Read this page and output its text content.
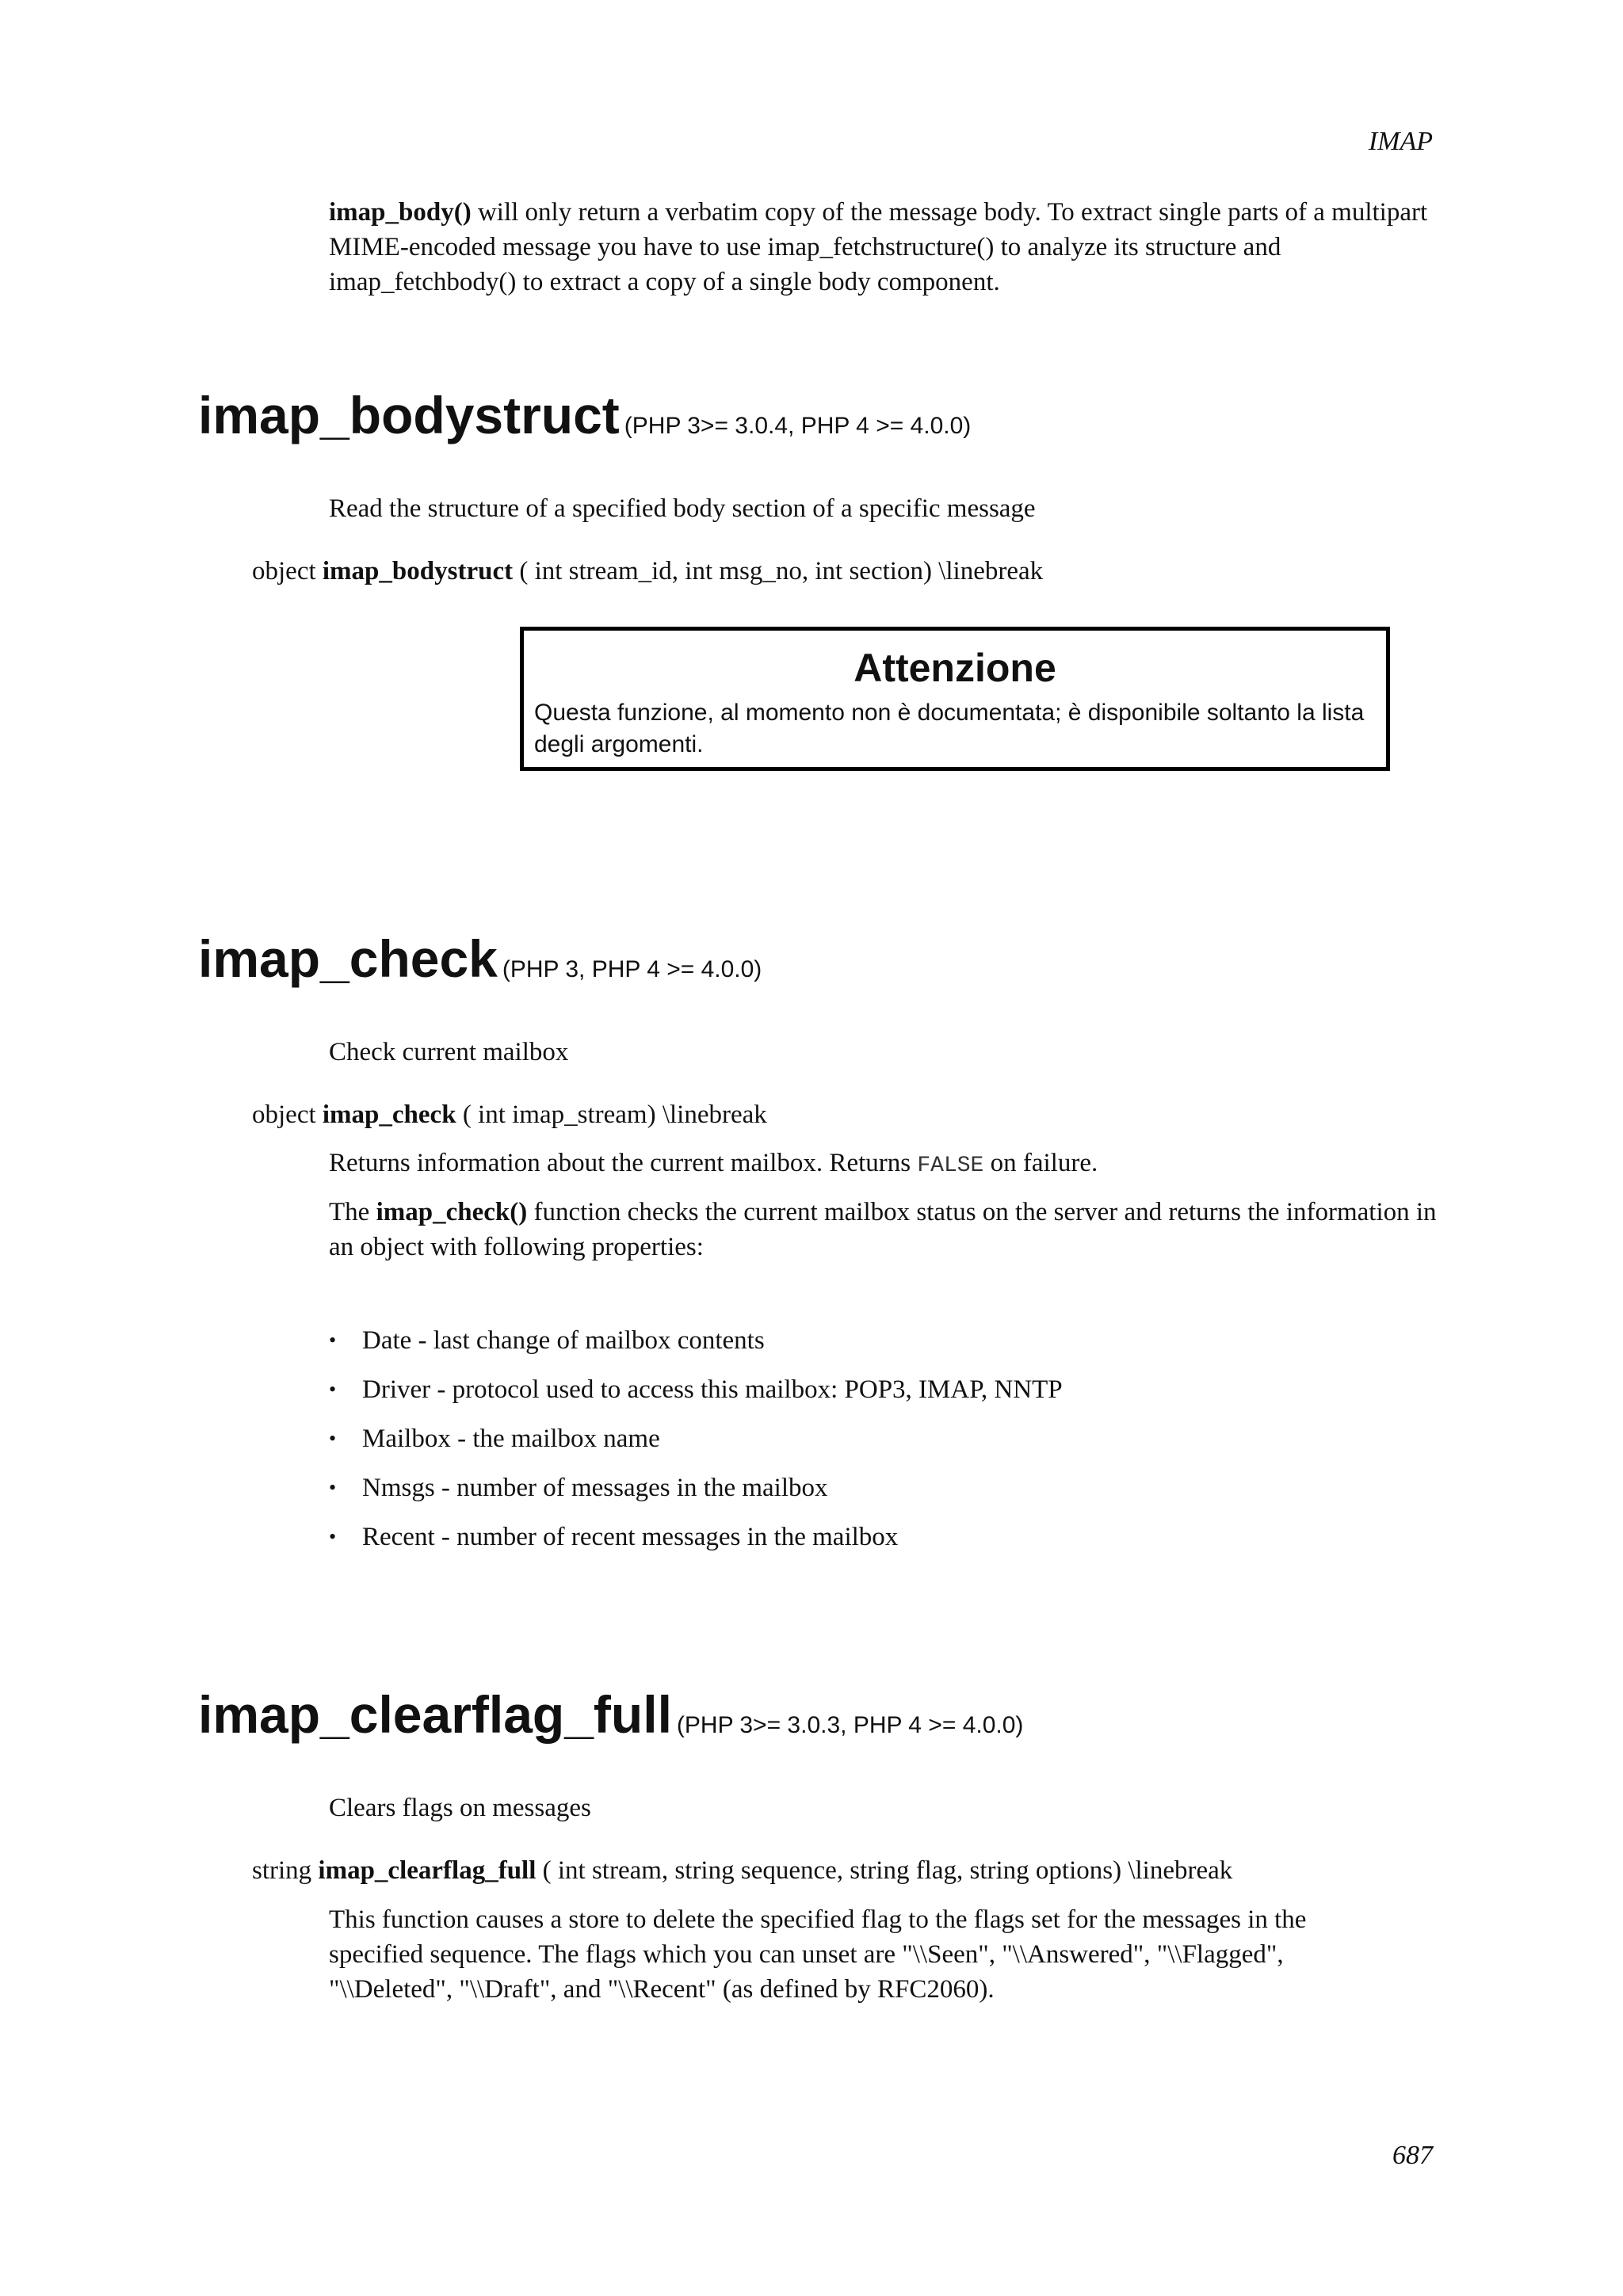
IMAP
imap_body() will only return a verbatim copy of the message body. To extract single parts of a multipart MIME-encoded message you have to use imap_fetchstructure() to analyze its structure and imap_fetchbody() to extract a copy of a single body component.
imap_bodystruct (PHP 3>= 3.0.4, PHP 4 >= 4.0.0)
Read the structure of a specified body section of a specific message
object imap_bodystruct ( int stream_id, int msg_no, int section) \linebreak
Attenzione
Questa funzione, al momento non è documentata; è disponibile soltanto la lista degli argomenti.
imap_check (PHP 3, PHP 4 >= 4.0.0)
Check current mailbox
object imap_check ( int imap_stream) \linebreak
Returns information about the current mailbox. Returns FALSE on failure.
The imap_check() function checks the current mailbox status on the server and returns the information in an object with following properties:
• Date - last change of mailbox contents
• Driver - protocol used to access this mailbox: POP3, IMAP, NNTP
• Mailbox - the mailbox name
• Nmsgs - number of messages in the mailbox
• Recent - number of recent messages in the mailbox
imap_clearflag_full (PHP 3>= 3.0.3, PHP 4 >= 4.0.0)
Clears flags on messages
string imap_clearflag_full ( int stream, string sequence, string flag, string options) \linebreak
This function causes a store to delete the specified flag to the flags set for the messages in the specified sequence. The flags which you can unset are "\\Seen", "\\Answered", "\\Flagged", "\\Deleted", "\\Draft", and "\\Recent" (as defined by RFC2060).
687
